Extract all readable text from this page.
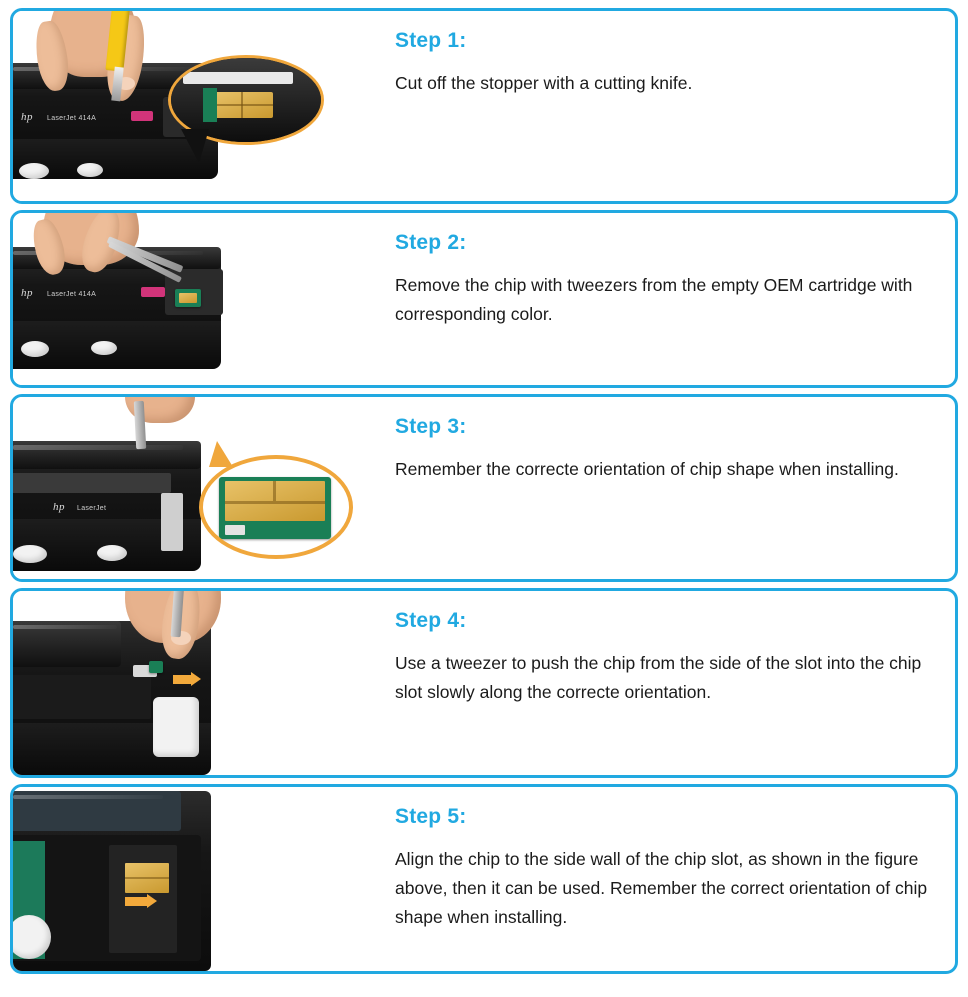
hp LaserJet 414A
Step 1:

Cut off the stopper with a cutting knife.

hp LaserJet 414A
Step 2:

Remove the chip with tweezers from the empty OEM cartridge with corresponding color.

hp LaserJet
Step 3:

Remember the correcte orientation of chip shape when installing.

Step 4:

Use a tweezer to push the chip from the side of the slot into the chip slot slowly along the correcte orientation.

Step 5:

Align the chip to the side wall of the chip slot, as shown in the figure above, then it can be used. Remember the correct orientation of chip shape when installing.
